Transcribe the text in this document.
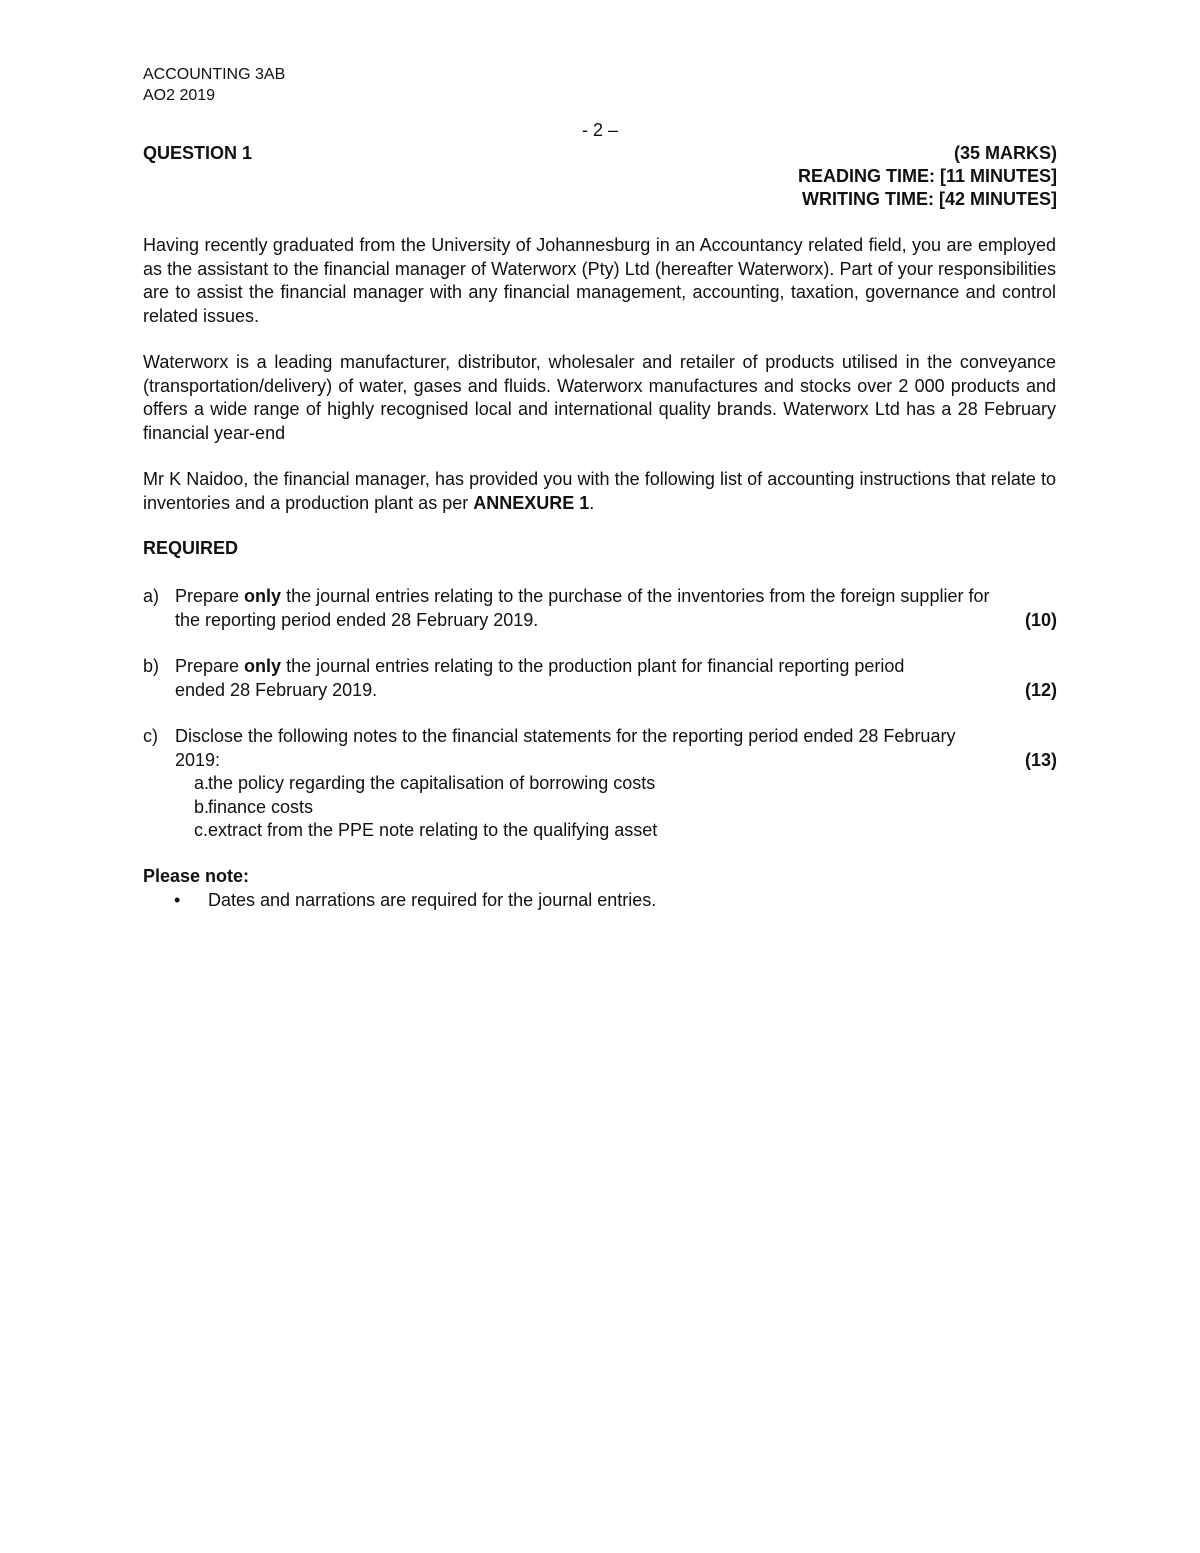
ACCOUNTING 3AB
AO2 2019
- 2 –
QUESTION 1	(35 MARKS)
READING TIME: [11 MINUTES]
WRITING TIME: [42 MINUTES]
Having recently graduated from the University of Johannesburg in an Accountancy related field, you are employed as the assistant to the financial manager of Waterworx (Pty) Ltd (hereafter Waterworx). Part of your responsibilities are to assist the financial manager with any financial management, accounting, taxation, governance and control related issues.
Waterworx is a leading manufacturer, distributor, wholesaler and retailer of products utilised in the conveyance (transportation/delivery) of water, gases and fluids. Waterworx manufactures and stocks over 2 000 products and offers a wide range of highly recognised local and international quality brands. Waterworx Ltd has a 28 February financial year-end
Mr K Naidoo, the financial manager, has provided you with the following list of accounting instructions that relate to inventories and a production plant as per ANNEXURE 1.
REQUIRED
a) Prepare only the journal entries relating to the purchase of the inventories from the foreign supplier for the reporting period ended 28 February 2019.	(10)
b) Prepare only the journal entries relating to the production plant for financial reporting period
ended 28 February 2019.	(12)
c) Disclose the following notes to the financial statements for the reporting period ended 28 February
2019:	(13)
a.
the policy regarding the capitalisation of borrowing costs
b.
finance costs
c. extract from the PPE note relating to the qualifying asset
Please note:
• Dates and narrations are required for the journal entries.
